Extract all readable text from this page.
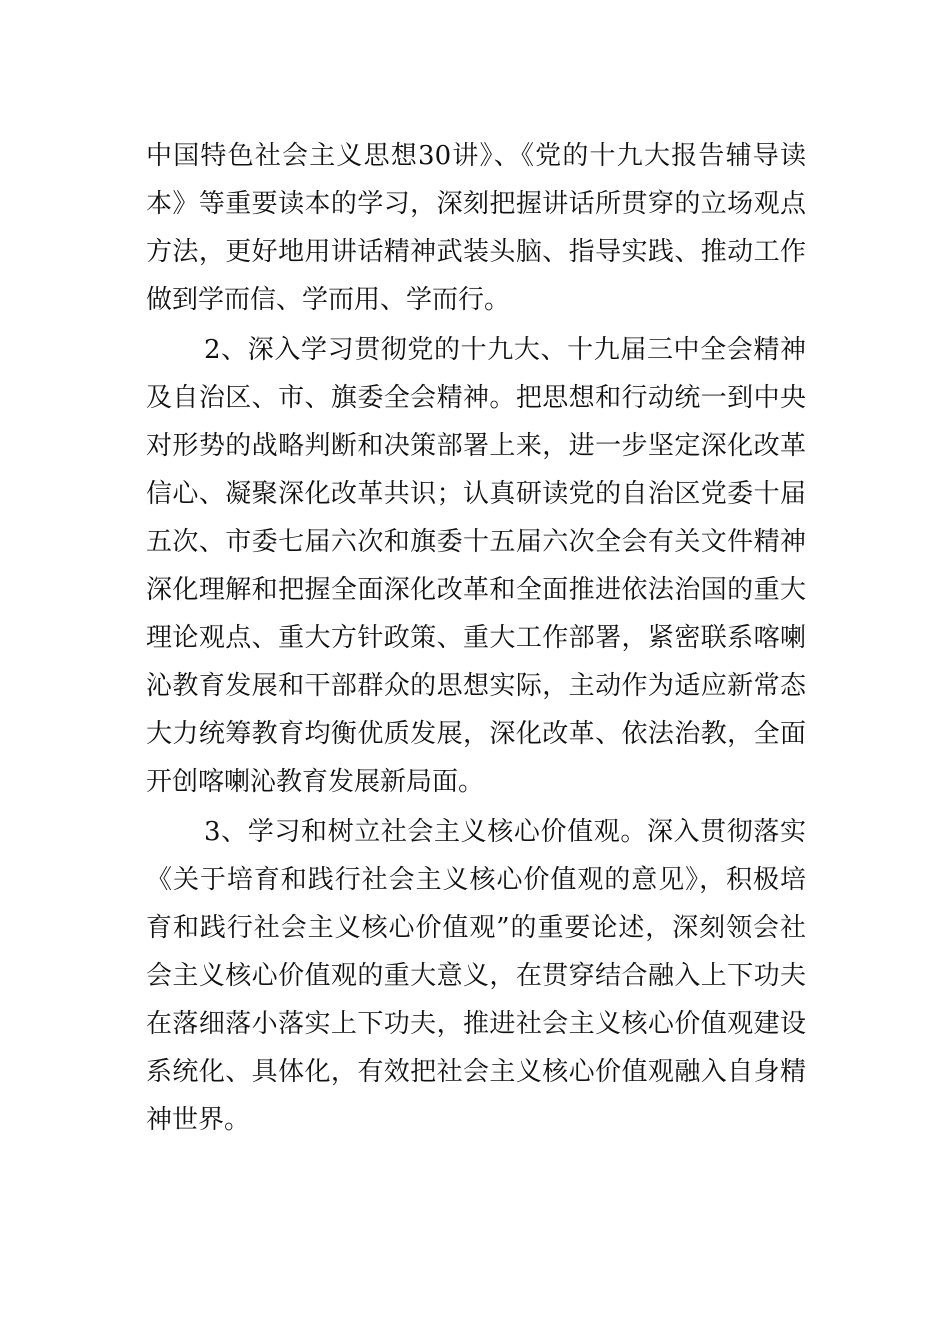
中国特色社会主义思想30讲》、《党的十九大报告辅导读
本》等重要读本的学习，深刻把握讲话所贯穿的立场观点
方法，更好地用讲话精神武装头脑、指导实践、推动工作
做到学而信、学而用、学而行。
2、深入学习贯彻党的十九大、十九届三中全会精神
及自治区、市、旗委全会精神。把思想和行动统一到中央
对形势的战略判断和决策部署上来，进一步坚定深化改革
信心、凝聚深化改革共识；认真研读党的自治区党委十届
五次、市委七届六次和旗委十五届六次全会有关文件精神
深化理解和把握全面深化改革和全面推进依法治国的重大
理论观点、重大方针政策、重大工作部署，紧密联系喀喇
沁教育发展和干部群众的思想实际，主动作为适应新常态
大力统筹教育均衡优质发展，深化改革、依法治教，全面
开创喀喇沁教育发展新局面。
3、学习和树立社会主义核心价值观。深入贯彻落实
《关于培育和践行社会主义核心价值观的意见》，积极培
育和践行社会主义核心价值观”的重要论述，深刻领会社
会主义核心价值观的重大意义，在贯穿结合融入上下功夫
在落细落小落实上下功夫，推进社会主义核心价值观建设
系统化、具体化，有效把社会主义核心价值观融入自身精
神世界。
